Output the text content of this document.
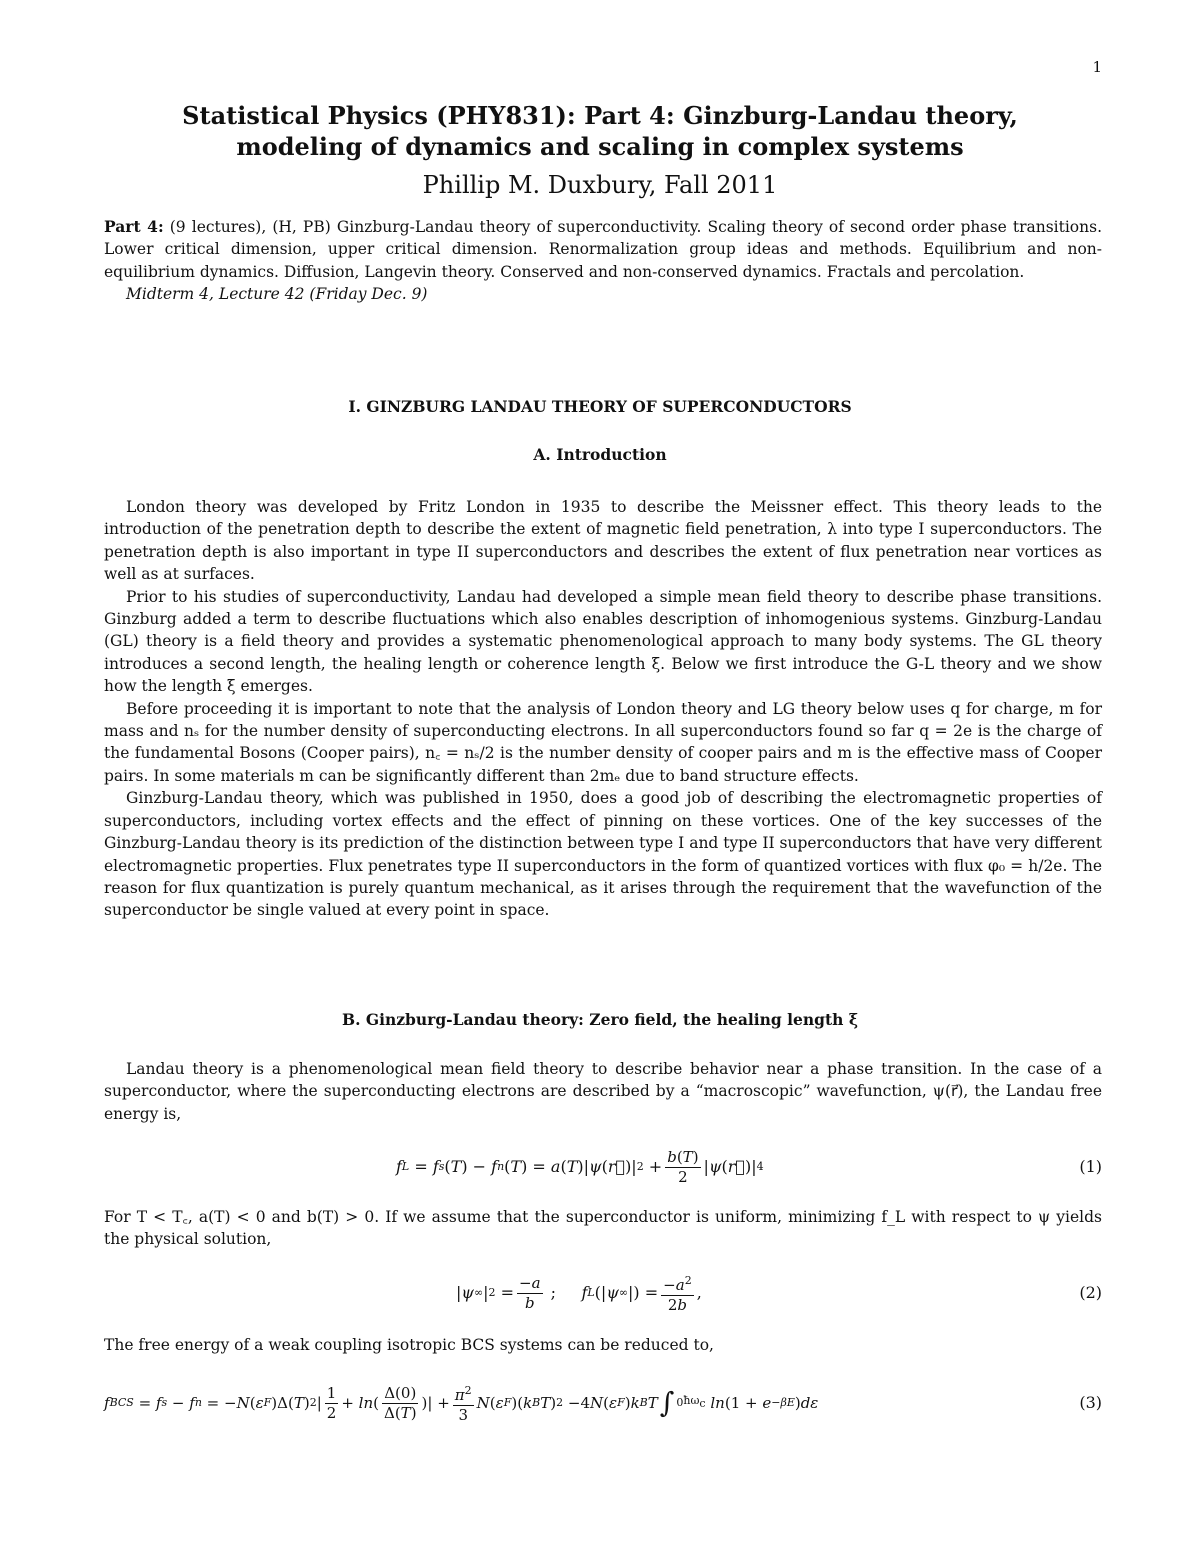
1
Statistical Physics (PHY831): Part 4: Ginzburg-Landau theory,
modeling of dynamics and scaling in complex systems
Phillip M. Duxbury, Fall 2011

Part 4: (9 lectures), (H, PB) Ginzburg-Landau theory of superconductivity. Scaling theory of second order phase transitions. Lower critical dimension, upper critical dimension. Renormalization group ideas and methods. Equilibrium and non-equilibrium dynamics. Diffusion, Langevin theory. Conserved and non-conserved dynamics. Fractals and percolation.

Midterm 4, Lecture 42 (Friday Dec. 9)

I. GINZBURG LANDAU THEORY OF SUPERCONDUCTORS
A. Introduction

London theory was developed by Fritz London in 1935 to describe the Meissner effect. This theory leads to the introduction of the penetration depth to describe the extent of magnetic field penetration, λ into type I superconductors. The penetration depth is also important in type II superconductors and describes the extent of flux penetration near vortices as well as at surfaces.

Prior to his studies of superconductivity, Landau had developed a simple mean field theory to describe phase transitions. Ginzburg added a term to describe fluctuations which also enables description of inhomogenious systems. Ginzburg-Landau (GL) theory is a field theory and provides a systematic phenomenological approach to many body systems. The GL theory introduces a second length, the healing length or coherence length ξ. Below we first introduce the G-L theory and we show how the length ξ emerges.

Before proceeding it is important to note that the analysis of London theory and LG theory below uses q for charge, m for mass and nₛ for the number density of superconducting electrons. In all superconductors found so far q = 2e is the charge of the fundamental Bosons (Cooper pairs), n꜀ = nₛ/2 is the number density of cooper pairs and m is the effective mass of Cooper pairs. In some materials m can be significantly different than 2mₑ due to band structure effects.

Ginzburg-Landau theory, which was published in 1950, does a good job of describing the electromagnetic properties of superconductors, including vortex effects and the effect of pinning on these vortices. One of the key successes of the Ginzburg-Landau theory is its prediction of the distinction between type I and type II superconductors that have very different electromagnetic properties. Flux penetrates type II superconductors in the form of quantized vortices with flux φ₀ = h/2e. The reason for flux quantization is purely quantum mechanical, as it arises through the requirement that the wavefunction of the superconductor be single valued at every point in space.

B. Ginzburg-Landau theory: Zero field, the healing length ξ

Landau theory is a phenomenological mean field theory to describe behavior near a phase transition. In the case of a superconductor, where the superconducting electrons are described by a “macroscopic” wavefunction, ψ(r⃗), the Landau free energy is,

f L = f s ( T ) − f n ( T ) = a ( T )| ψ ( r⃗ )| $2 + \frac{b(T)}{2}$ | ψ ( r⃗ )| 4	(1)

For T < T꜀, a(T) < 0 and b(T) > 0. If we assume that the superconductor is uniform, minimizing f_L with respect to ψ yields the physical solution,

| ψ ∞ | $2 = \frac{-a}{b}$ ; f L (| ψ ∞ |) = $\frac{-a^2}{2b}$ ,	(2)

The free energy of a weak coupling isotropic BCS systems can be reduced to,

f BCS = f s − f n = − N ( ε F )Δ( T ) 2 | $\frac{1}{2} + \ln$ ( $\frac{\Delta(0)}{\Delta(T)}$ )| + $\frac{\pi^2}{3}$ N ( ε F )( k B T ) 2 −4 N ( ε F ) k B T ∫ 0 $ħ\omega_c$
ln (1 + e −βE ) dε	(3)
